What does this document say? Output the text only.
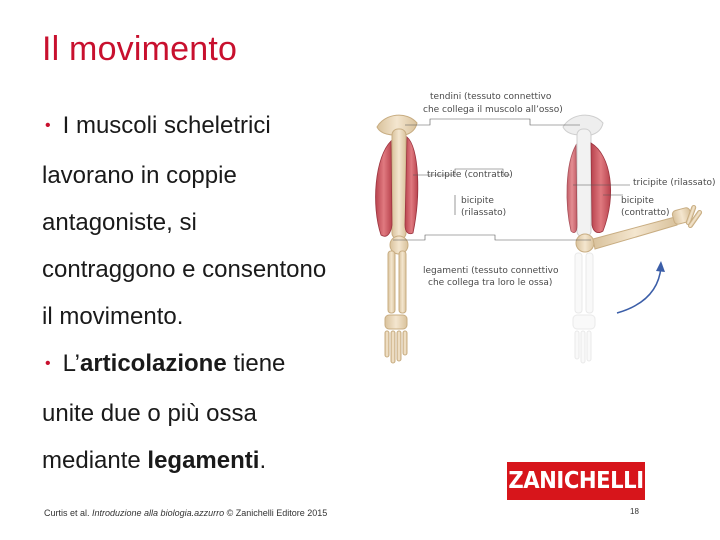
Il movimento

• I muscoli scheletrici

lavorano in coppie

antagoniste, si

contraggono e consentono

il movimento.

• L’articolazione tiene

unite due o più ossa

mediante legamenti.

tendini (tessuto connettivo
che collega il muscolo all’osso)
tricipite (contratto)
tricipite (rilassato)
bicipite
(rilassato)
bicipite
(contratto)
legamenti (tessuto connettivo
che collega tra loro le ossa)
ZANICHELLI
Curtis et al. Introduzione alla biologia.azzurro © Zanichelli Editore 2015	18
